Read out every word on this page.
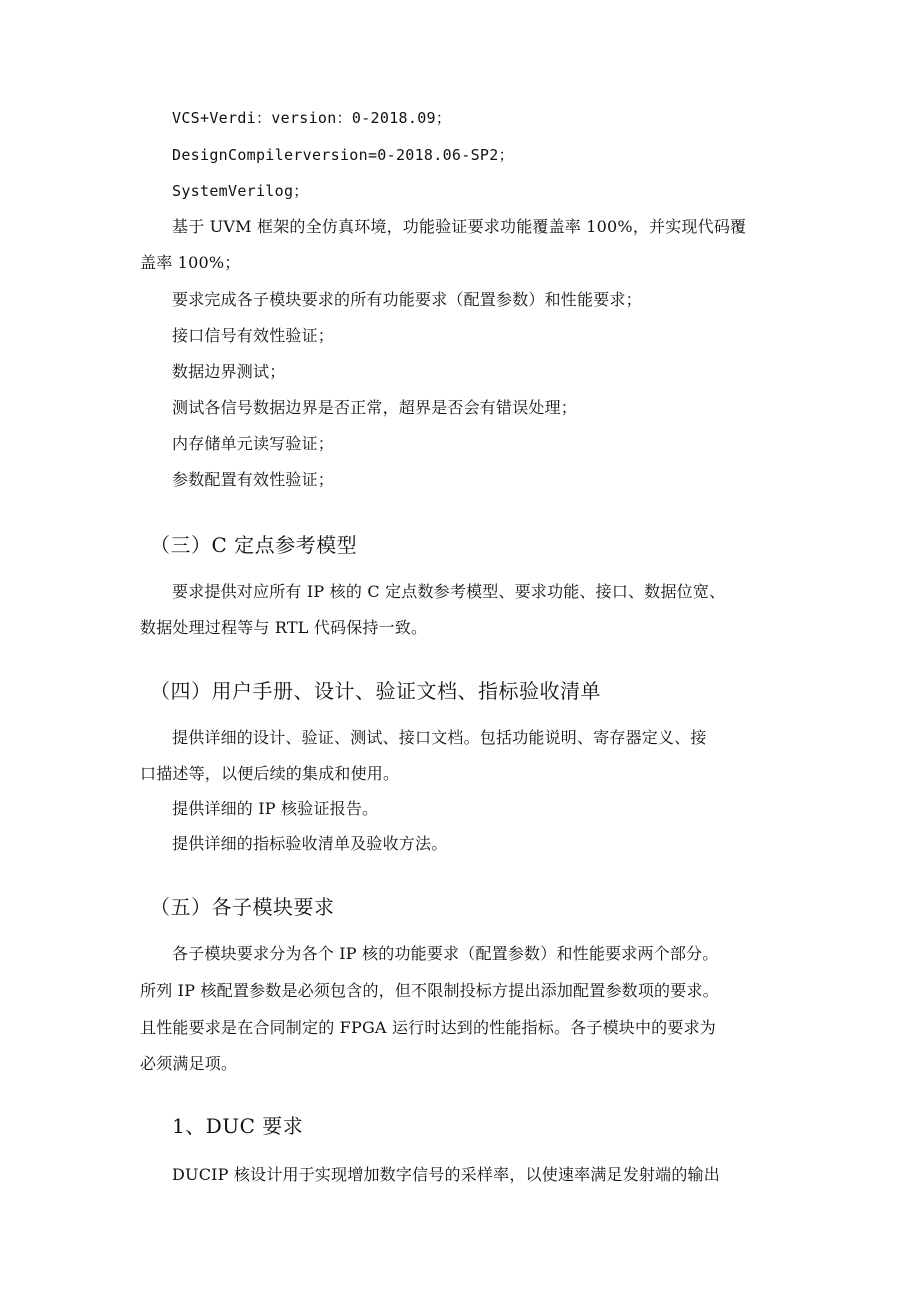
VCS+Verdi：version：0-2018.09；
DesignCompilerversion=0-2018.06-SP2；
SystemVerilog；
基于 UVM 框架的全仿真环境，功能验证要求功能覆盖率 100%，并实现代码覆
盖率 100%；
要求完成各子模块要求的所有功能要求（配置参数）和性能要求；
接口信号有效性验证；
数据边界测试；
测试各信号数据边界是否正常，超界是否会有错误处理；
内存储单元读写验证；
参数配置有效性验证；
（三）C 定点参考模型
要求提供对应所有 IP 核的 C 定点数参考模型、要求功能、接口、数据位宽、
数据处理过程等与 RTL 代码保持一致。
（四）用户手册、设计、验证文档、指标验收清单
提供详细的设计、验证、测试、接口文档。包括功能说明、寄存器定义、接
口描述等，以便后续的集成和使用。
提供详细的 IP 核验证报告。
提供详细的指标验收清单及验收方法。
（五）各子模块要求
各子模块要求分为各个 IP 核的功能要求（配置参数）和性能要求两个部分。
所列 IP 核配置参数是必须包含的，但不限制投标方提出添加配置参数项的要求。
且性能要求是在合同制定的 FPGA 运行时达到的性能指标。各子模块中的要求为
必须满足项。
1、DUC 要求
DUCIP 核设计用于实现增加数字信号的采样率，以使速率满足发射端的输出
